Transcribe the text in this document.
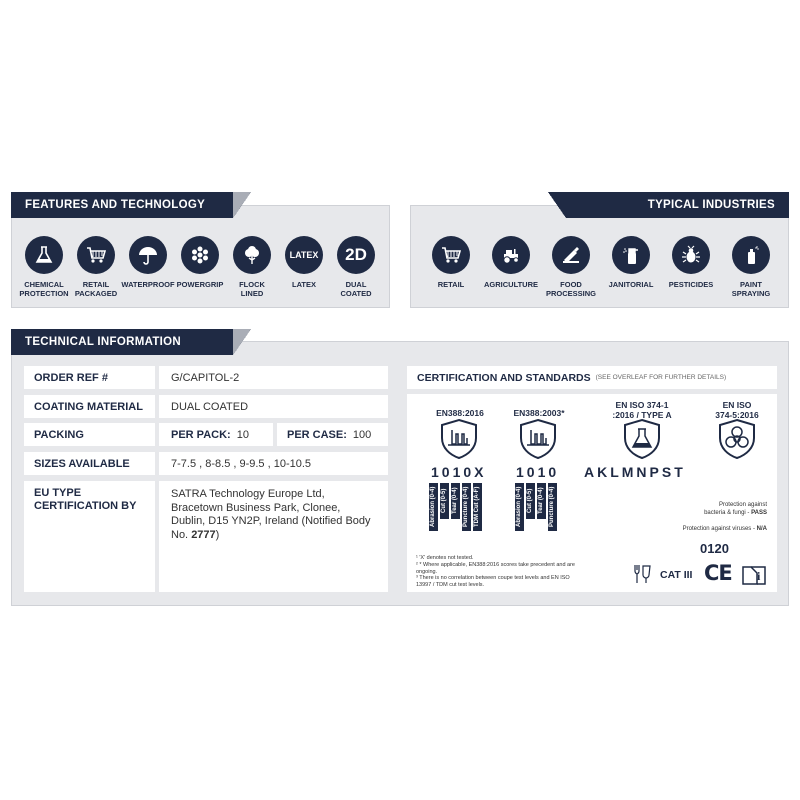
FEATURES AND TECHNOLOGY
CHEMICAL
PROTECTION
RETAIL
PACKAGED
WATERPROOF POWERGRIP FLOCK
LINED
LATEX
LATEX
2D
DUAL
COATED
TYPICAL INDUSTRIES
RETAIL	AGRICULTURE	FOOD
PROCESSING
JANITORIAL PESTICIDES	PAINT
SPRAYING
TECHNICAL INFORMATION
ORDER REF #	G/CAPITOL-2
COATING MATERIAL	DUAL COATED
PACKING	PER PACK: 10	PER CASE: 100
SIZES AVAILABLE	7-7.5 , 8-8.5 , 9-9.5 , 10-10.5
EU TYPE
CERTIFICATION BY
SATRA Technology Europe Ltd, Bracetown Business Park, Clonee, Dublin, D15 YN2P, Ireland (Notified Body No. 2777)
CERTIFICATION AND STANDARDS (SEE OVERLEAF FOR FURTHER DETAILS)
EN388:2016
1010X
Abrasion (0-4) Cut (0-5) Tear (0-4) Puncture (0-4) TDM Cut (A-F)
EN388:2003*
1010
Abrasion (0-4) Cut (0-5) Tear (0-4) Puncture (0-4)
EN ISO 374-1
:2016 / TYPE A
AKLMNPST
EN ISO
374-5:2016
Protection against
bacteria & fungi - PASS
Protection against viruses - N/A
0120
¹ 'X' denotes not tested.
² * Where applicable, EN388:2016 scores take precedent and are
ongoing.
³ There is no correlation between coupe test levels and EN ISO
13997 / TDM cut test levels.
CAT III CE i
